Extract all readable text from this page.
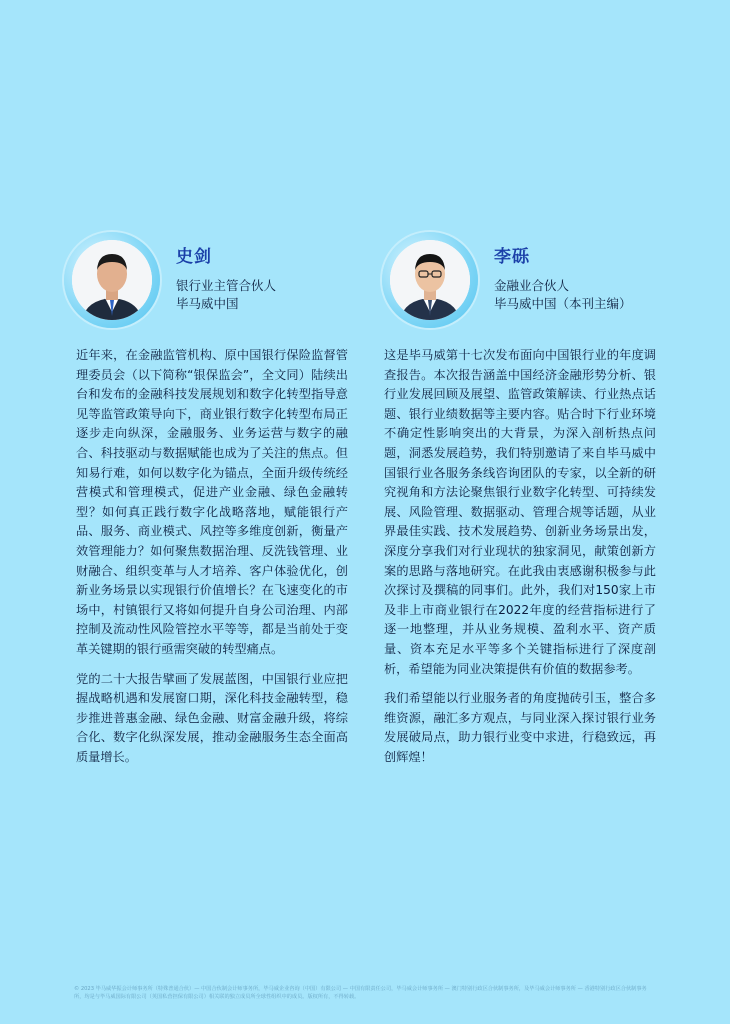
史剑
银行业主管合伙人
毕马威中国
李砾
金融业合伙人
毕马威中国（本刊主编）

近年来，在金融监管机构、原中国银行保险监督管理委员会（以下简称“银保监会”，全文同）陆续出台和发布的金融科技发展规划和数字化转型指导意见等监管政策导向下，商业银行数字化转型布局正逐步走向纵深，金融服务、业务运营与数字的融合、科技驱动与数据赋能也成为了关注的焦点。但知易行难，如何以数字化为锚点，全面升级传统经营模式和管理模式，促进产业金融、绿色金融转型？如何真正践行数字化战略落地，赋能银行产品、服务、商业模式、风控等多维度创新，衡量产效管理能力？如何聚焦数据治理、反洗钱管理、业财融合、组织变革与人才培养、客户体验优化，创新业务场景以实现银行价值增长？在飞速变化的市场中，村镇银行又将如何提升自身公司治理、内部控制及流动性风险管控水平等等，都是当前处于变革关键期的银行亟需突破的转型痛点。

党的二十大报告擘画了发展蓝图，中国银行业应把握战略机遇和发展窗口期，深化科技金融转型，稳步推进普惠金融、绿色金融、财富金融升级，将综合化、数字化纵深发展，推动金融服务生态全面高质量增长。

这是毕马威第十七次发布面向中国银行业的年度调查报告。本次报告涵盖中国经济金融形势分析、银行业发展回顾及展望、监管政策解读、行业热点话题、银行业绩数据等主要内容。贴合时下行业环境不确定性影响突出的大背景，为深入剖析热点问题，洞悉发展趋势，我们特别邀请了来自毕马威中国银行业各服务条线咨询团队的专家，以全新的研究视角和方法论聚焦银行业数字化转型、可持续发展、风险管理、数据驱动、管理合规等话题，从业界最佳实践、技术发展趋势、创新业务场景出发，深度分享我们对行业现状的独家洞见，献策创新方案的思路与落地研究。在此我由衷感谢积极参与此次探讨及撰稿的同事们。此外，我们对150家上市及非上市商业银行在2022年度的经营指标进行了逐一地整理，并从业务规模、盈利水平、资产质量、资本充足水平等多个关键指标进行了深度剖析，希望能为同业决策提供有价值的数据参考。

我们希望能以行业服务者的角度抛砖引玉，整合多维资源，融汇多方观点，与同业深入探讨银行业务发展破局点，助力银行业变中求进，行稳致远，再创辉煌！

© 2023 毕马威华振会计师事务所（特殊普通合伙）— 中国合伙制会计师事务所，毕马威企业咨询（中国）有限公司 — 中国有限责任公司，毕马威会计师事务所 — 澳门特别行政区合伙制事务所，及毕马威会计师事务所 — 香港特别行政区合伙制事务所，均是与毕马威国际有限公司（英国私营担保有限公司）相关联的独立成员所全球性组织中的成员。版权所有，不得转载。
